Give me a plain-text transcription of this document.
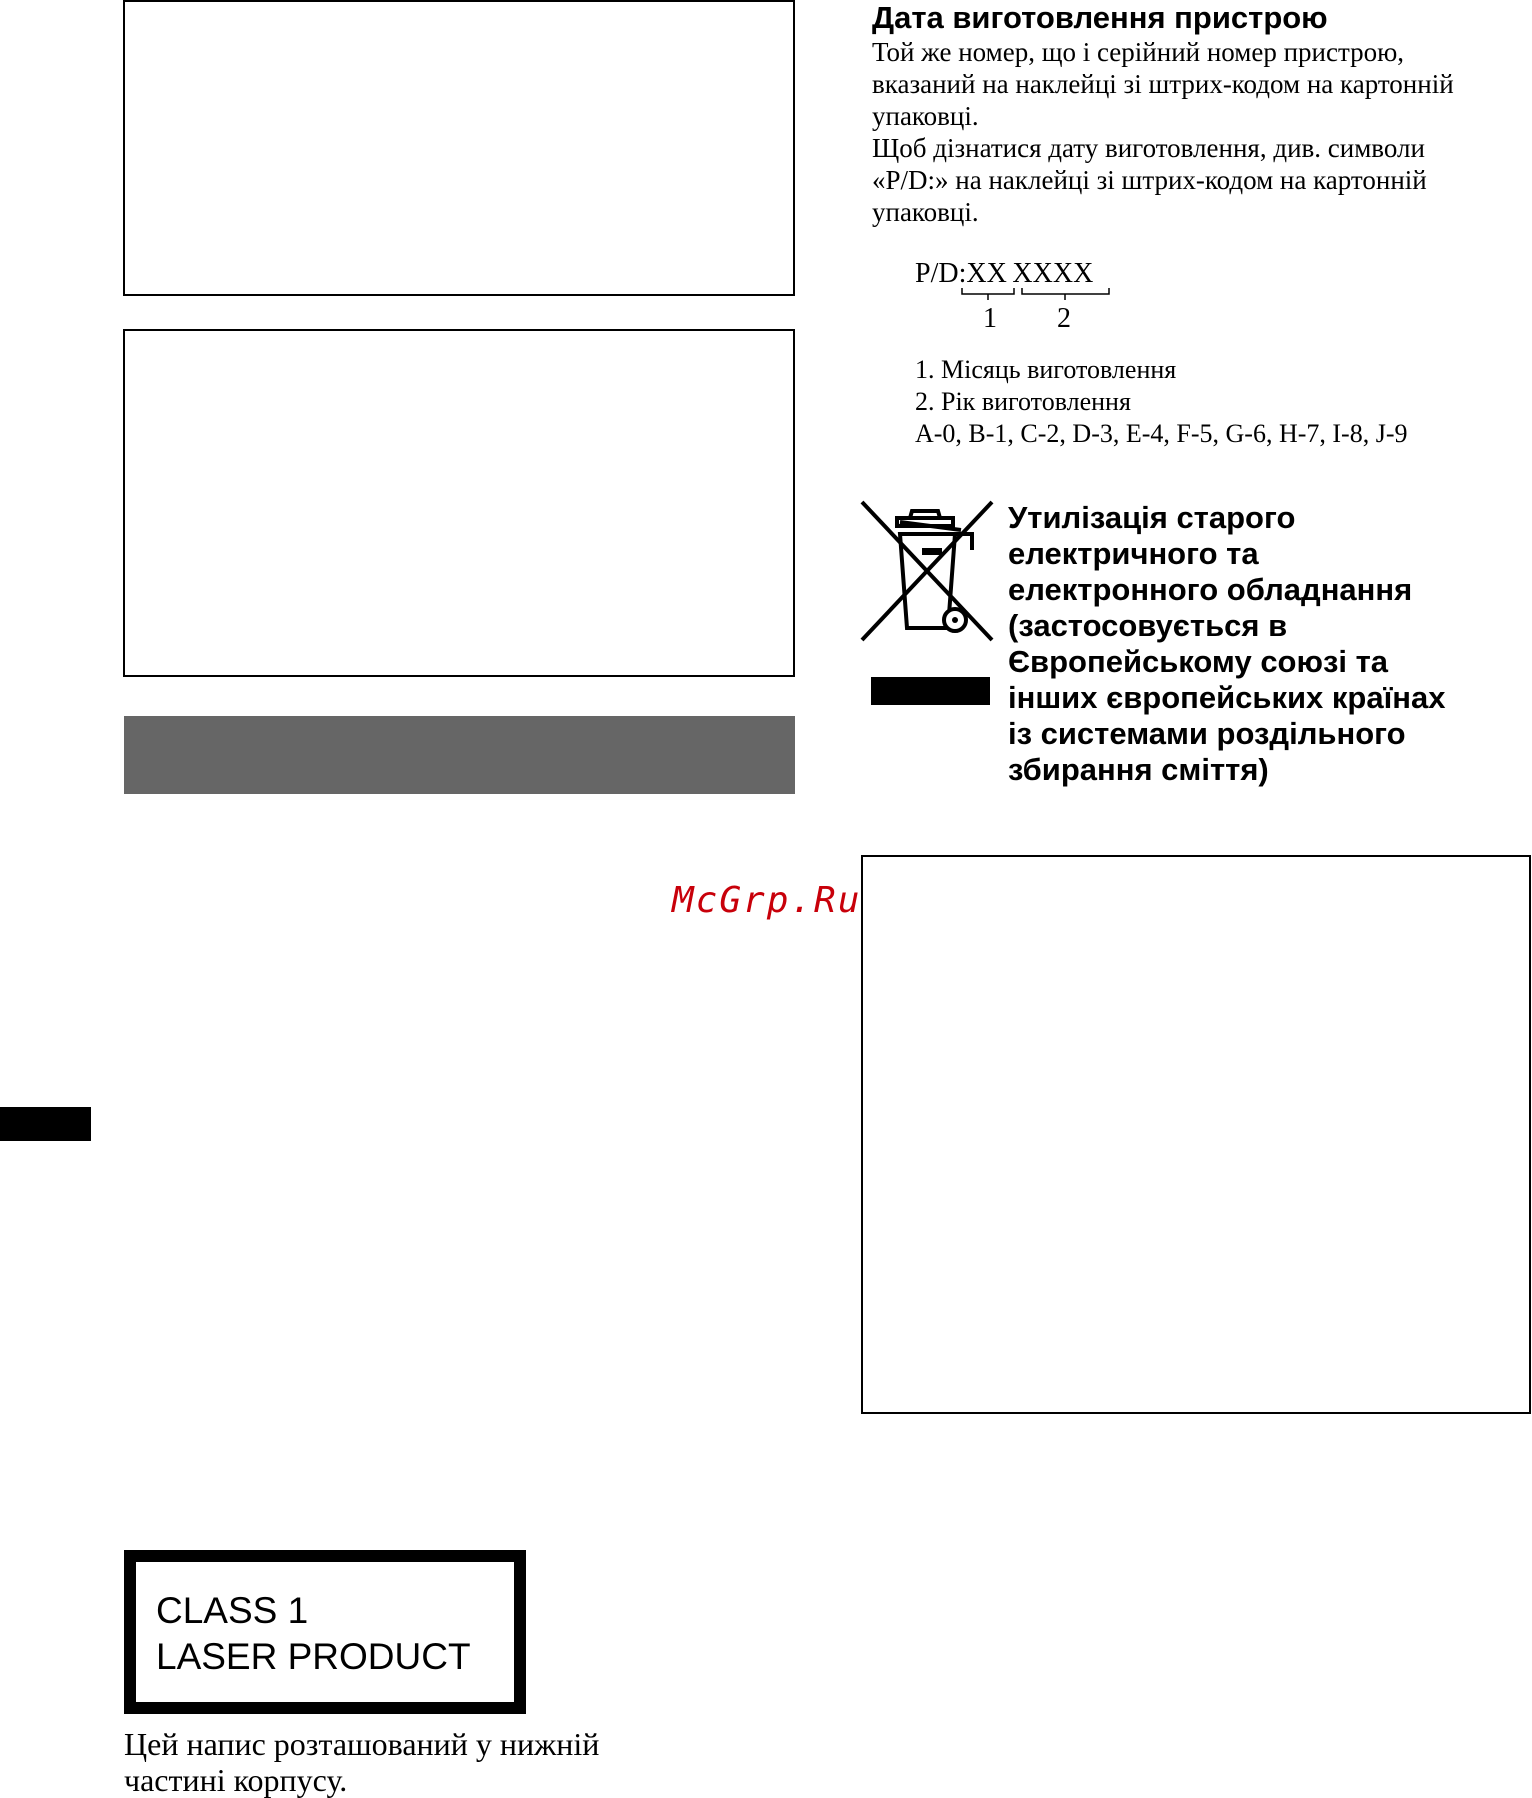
CLASS 1
LASER PRODUCT
Цей напис розташований у нижній
частині корпусу.
Дата виготовлення пристрою
Той же номер, що і серійний номер пристрою,
вказаний на наклейці зі штрих-кодом на картонній
упаковці.
Щоб дізнатися дату виготовлення, див. символи
«P/D:» на наклейці зі штрих-кодом на картонній
упаковці.
P/D:XX  XXXX
1 2
1. Місяць виготовлення
2. Рік виготовлення
A-0, B-1, C-2, D-3, E-4, F-5, G-6, H-7, I-8, J-9
Утилізація старого
електричного та
електронного обладнання
(застосовується в
Європейському союзі та
інших європейських країнах
із системами роздільного
збирання сміття)
McGrp.Ru
